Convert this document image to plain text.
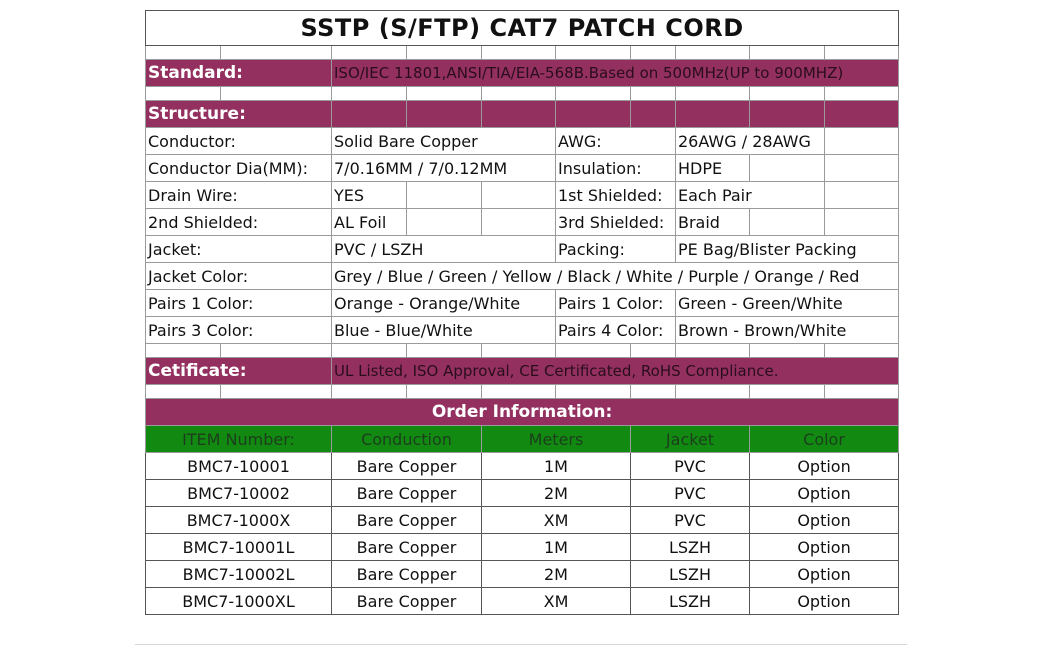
SSTP (S/FTP) CAT7 PATCH CORD									

Standard:		ISO/IEC 11801,ANSI/TIA/EIA-568B.Based on 500MHz(UP to 900MHZ)							

Structure:									
Conductor:		Solid Bare Copper			AWG:		26AWG / 28AWG		
Conductor Dia(MM):		7/0.16MM / 7/0.12MM			Insulation:		HDPE		
Drain Wire:		YES			1st Shielded:		Each Pair		
2nd Shielded:		AL Foil			3rd Shielded:		Braid		
Jacket:		PVC / LSZH			Packing:		PE Bag/Blister Packing		
Jacket Color:		Grey / Blue / Green / Yellow / Black / White / Purple / Orange / Red							
Pairs 1 Color:		Orange - Orange/White			Pairs 1 Color:		Green - Green/White		
Pairs 3 Color:		Blue - Blue/White			Pairs 4 Color:		Brown - Brown/White		

Cetificate:		UL Listed, ISO Approval, CE Certificated, RoHS Compliance.							

Order Information:									
ITEM Number:		Conduction		Meters		Jacket		Color	
BMC7-10001		Bare Copper		1M		PVC		Option	
BMC7-10002		Bare Copper		2M		PVC		Option	
BMC7-1000X		Bare Copper		XM		PVC		Option	
BMC7-10001L		Bare Copper		1M		LSZH		Option	
BMC7-10002L		Bare Copper		2M		LSZH		Option	
BMC7-1000XL		Bare Copper		XM		LSZH		Option	
